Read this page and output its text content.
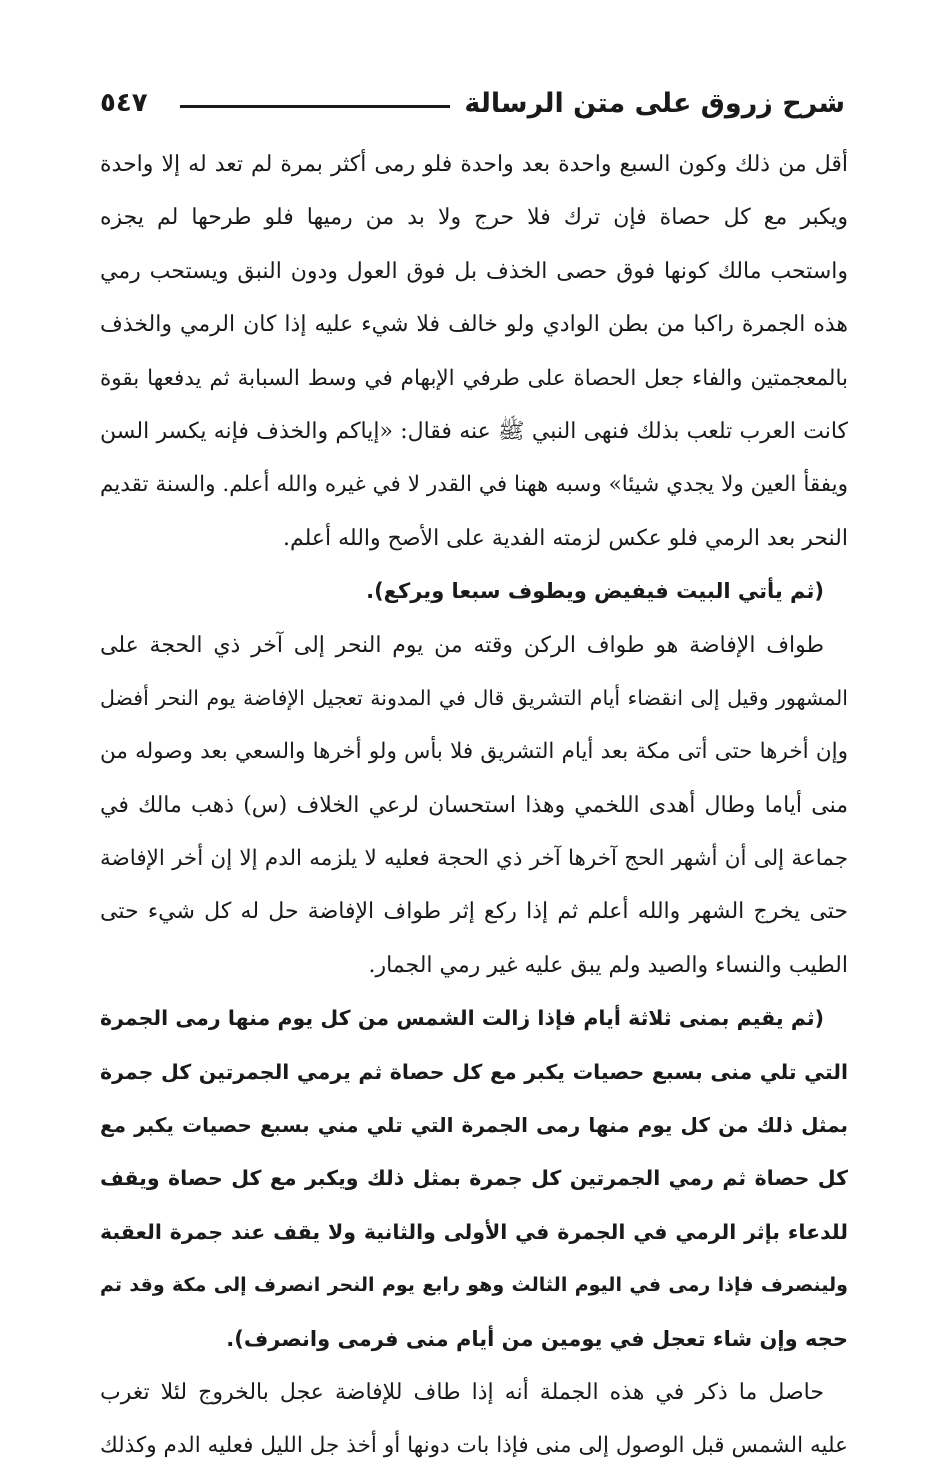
شرح زروق على متن الرسالة
٥٤٧
أقل من ذلك وكون السبع واحدة بعد واحدة فلو رمى أكثر بمرة لم تعد له إلا واحدة
ويكبر مع كل حصاة فإن ترك فلا حرج ولا بد من رميها فلو طرحها لم يجزه
واستحب مالك كونها فوق حصى الخذف بل فوق العول ودون النبق ويستحب رمي
هذه الجمرة راكبا من بطن الوادي ولو خالف فلا شيء عليه إذا كان الرمي والخذف
بالمعجمتين والفاء جعل الحصاة على طرفي الإبهام في وسط السبابة ثم يدفعها بقوة
كانت العرب تلعب بذلك فنهى النبي ﷺ عنه فقال: «إياكم والخذف فإنه يكسر السن
ويفقأ العين ولا يجدي شيئا» وسبه ههنا في القدر لا في غيره والله أعلم. والسنة تقديم
النحر بعد الرمي فلو عكس لزمته الفدية على الأصح والله أعلم.
(ثم يأتي البيت فيفيض ويطوف سبعا ويركع).
طواف الإفاضة هو طواف الركن وقته من يوم النحر إلى آخر ذي الحجة على
المشهور وقيل إلى انقضاء أيام التشريق قال في المدونة تعجيل الإفاضة يوم النحر أفضل
وإن أخرها حتى أتى مكة بعد أيام التشريق فلا بأس ولو أخرها والسعي بعد وصوله من
منى أياما وطال أهدى اللخمي وهذا استحسان لرعي الخلاف (س) ذهب مالك في
جماعة إلى أن أشهر الحج آخرها آخر ذي الحجة فعليه لا يلزمه الدم إلا إن أخر الإفاضة
حتى يخرج الشهر والله أعلم ثم إذا ركع إثر طواف الإفاضة حل له كل شيء حتى
الطيب والنساء والصيد ولم يبق عليه غير رمي الجمار.
(ثم يقيم بمنى ثلاثة أيام فإذا زالت الشمس من كل يوم منها رمى الجمرة
التي تلي منى بسبع حصيات يكبر مع كل حصاة ثم يرمي الجمرتين كل جمرة
بمثل ذلك من كل يوم منها رمى الجمرة التي تلي مني بسبع حصيات يكبر مع
كل حصاة ثم رمي الجمرتين كل جمرة بمثل ذلك ويكبر مع كل حصاة ويقف
للدعاء بإثر الرمي في الجمرة في الأولى والثانية ولا يقف عند جمرة العقبة
ولينصرف فإذا رمى في اليوم الثالث وهو رابع يوم النحر انصرف إلى مكة وقد تم
حجه وإن شاء تعجل في يومين من أيام منى فرمى وانصرف).
حاصل ما ذكر في هذه الجملة أنه إذا طاف للإفاضة عجل بالخروج لئلا تغرب
عليه الشمس قبل الوصول إلى منى فإذا بات دونها أو أخذ جل الليل فعليه الدم وكذلك
